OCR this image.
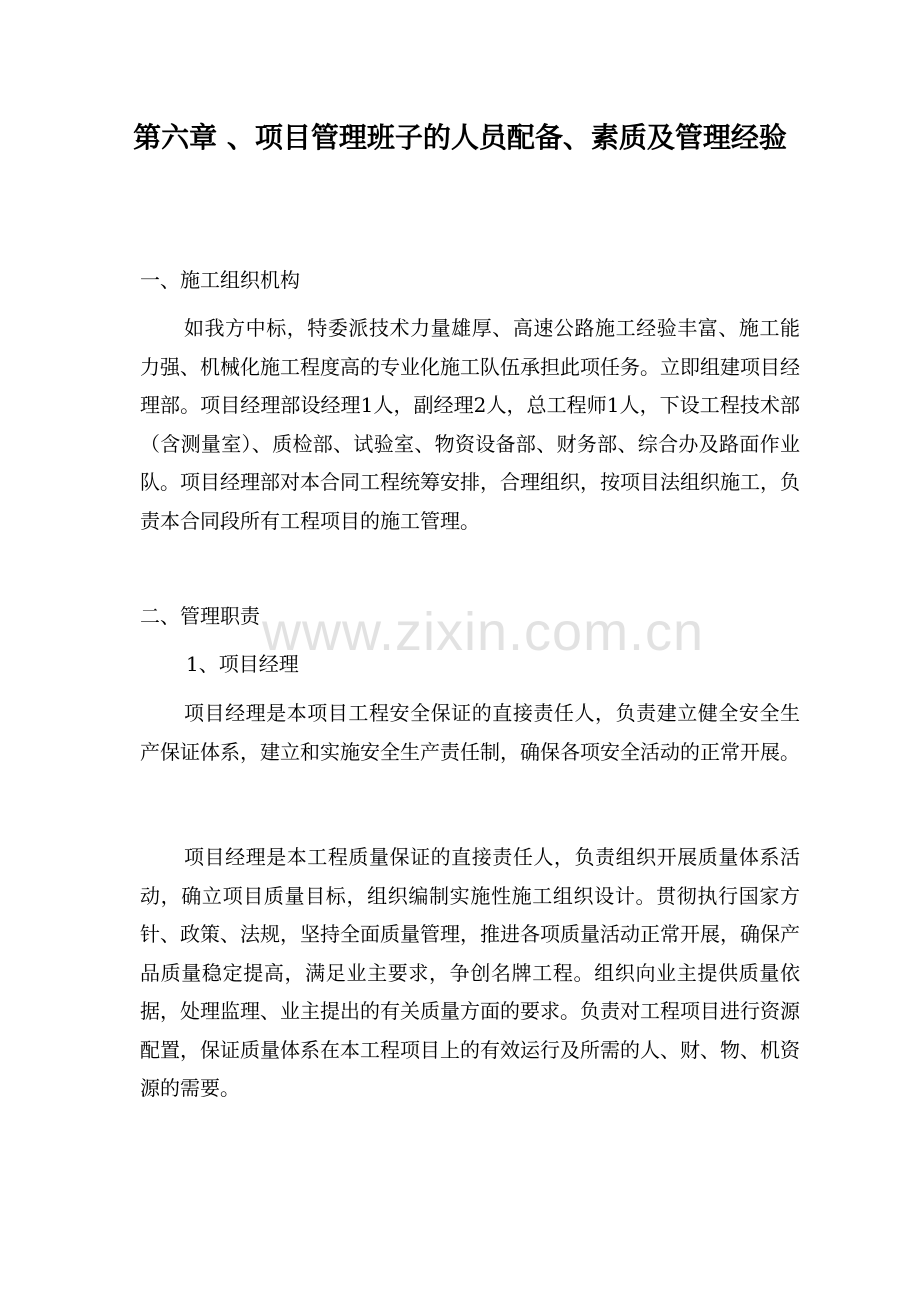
第六章 、项目管理班子的人员配备、素质及管理经验

一、施工组织机构

如我方中标，特委派技术力量雄厚、高速公路施工经验丰富、施工能力强、机械化施工程度高的专业化施工队伍承担此项任务。立即组建项目经理部。项目经理部设经理1人，副经理2人，总工程师1人，下设工程技术部（含测量室）、质检部、试验室、物资设备部、财务部、综合办及路面作业队。项目经理部对本合同工程统筹安排，合理组织，按项目法组织施工，负责本合同段所有工程项目的施工管理。

二、管理职责

1、项目经理

项目经理是本项目工程安全保证的直接责任人，负责建立健全安全生产保证体系，建立和实施安全生产责任制，确保各项安全活动的正常开展。

项目经理是本工程质量保证的直接责任人，负责组织开展质量体系活动，确立项目质量目标，组织编制实施性施工组织设计。贯彻执行国家方针、政策、法规，坚持全面质量管理，推进各项质量活动正常开展，确保产品质量稳定提高，满足业主要求，争创名牌工程。组织向业主提供质量依据，处理监理、业主提出的有关质量方面的要求。负责对工程项目进行资源配置，保证质量体系在本工程项目上的有效运行及所需的人、财、物、机资源的需要。

www.zixin.com.cn
